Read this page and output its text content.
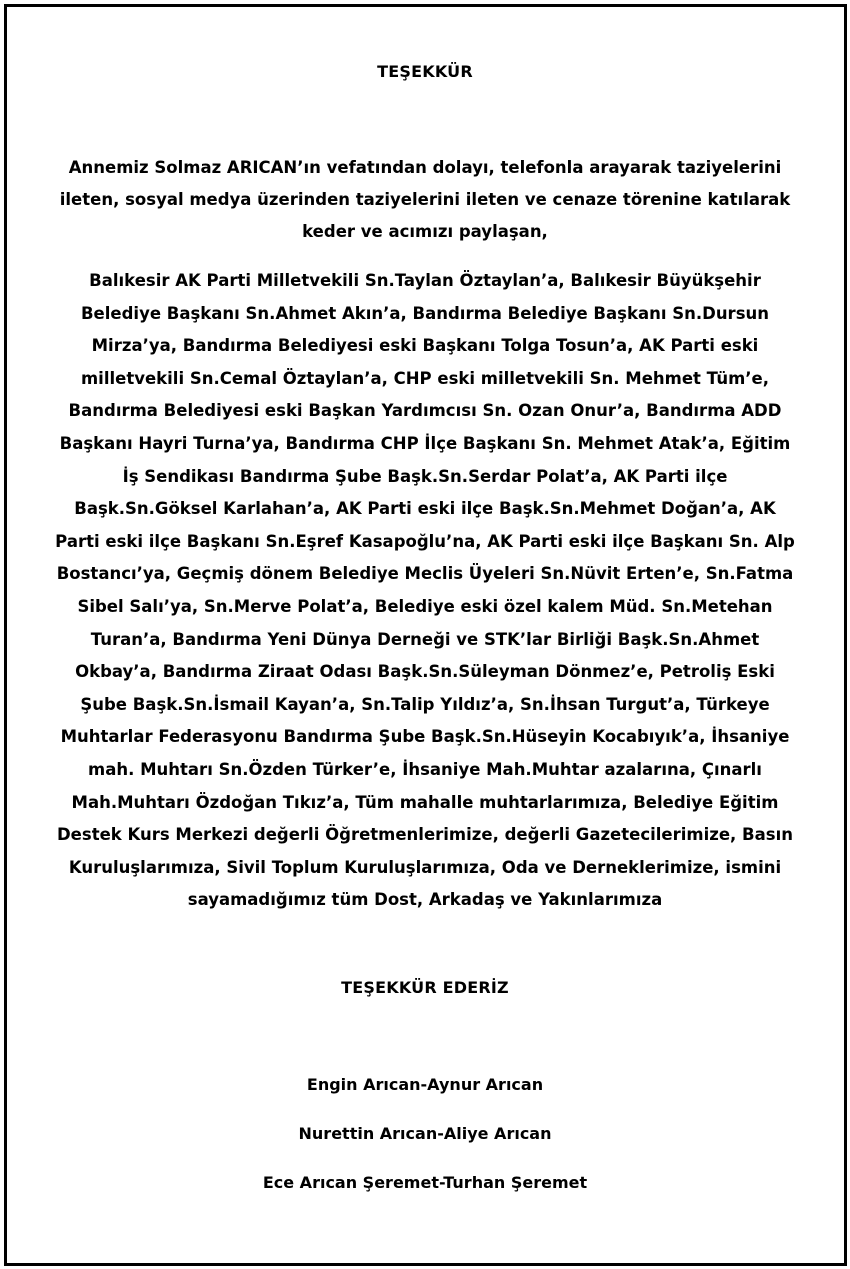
TEŞEKKÜR
Annemiz Solmaz ARICAN’ın vefatından dolayı, telefonla arayarak taziyelerini ileten, sosyal medya üzerinden taziyelerini ileten ve cenaze törenine katılarak keder ve acımızı paylaşan,
Balıkesir AK Parti Milletvekili Sn.Taylan Öztaylan’a, Balıkesir Büyükşehir Belediye Başkanı Sn.Ahmet Akın’a, Bandırma Belediye Başkanı Sn.Dursun Mirza’ya, Bandırma Belediyesi eski Başkanı Tolga Tosun’a, AK Parti eski milletvekili Sn.Cemal Öztaylan’a, CHP eski milletvekili Sn. Mehmet Tüm’e, Bandırma Belediyesi eski Başkan Yardımcısı Sn. Ozan Onur’a, Bandırma ADD Başkanı Hayri Turna’ya, Bandırma CHP İlçe Başkanı Sn. Mehmet Atak’a, Eğitim İş Sendikası Bandırma Şube Başk.Sn.Serdar Polat’a, AK Parti ilçe Başk.Sn.Göksel Karlahan’a, AK Parti eski ilçe Başk.Sn.Mehmet Doğan’a, AK Parti eski ilçe Başkanı Sn.Eşref Kasapoğlu’na, AK Parti eski ilçe Başkanı Sn. Alp Bostancı’ya, Geçmiş dönem Belediye Meclis Üyeleri Sn.Nüvit Erten’e, Sn.Fatma Sibel Salı’ya, Sn.Merve Polat’a, Belediye eski özel kalem Müd. Sn.Metehan Turan’a, Bandırma Yeni Dünya Derneği ve STK’lar Birliği Başk.Sn.Ahmet Okbay’a, Bandırma Ziraat Odası Başk.Sn.Süleyman Dönmez’e, Petroliş Eski Şube Başk.Sn.İsmail Kayan’a, Sn.Talip Yıldız’a, Sn.İhsan Turgut’a, Türkeye Muhtarlar Federasyonu Bandırma Şube Başk.Sn.Hüseyin Kocabıyık’a, İhsaniye mah. Muhtarı Sn.Özden Türker’e, İhsaniye Mah.Muhtar azalarına, Çınarlı Mah.Muhtarı Özdoğan Tıkız’a, Tüm mahalle muhtarlarımıza, Belediye Eğitim Destek Kurs Merkezi değerli Öğretmenlerimize, değerli Gazetecilerimize, Basın Kuruluşlarımıza, Sivil Toplum Kuruluşlarımıza, Oda ve Derneklerimize, ismini sayamadığımız tüm Dost, Arkadaş ve Yakınlarımıza
TEŞEKKÜR EDERİZ
Engin Arıcan-Aynur Arıcan
Nurettin Arıcan-Aliye Arıcan
Ece Arıcan Şeremet-Turhan Şeremet
